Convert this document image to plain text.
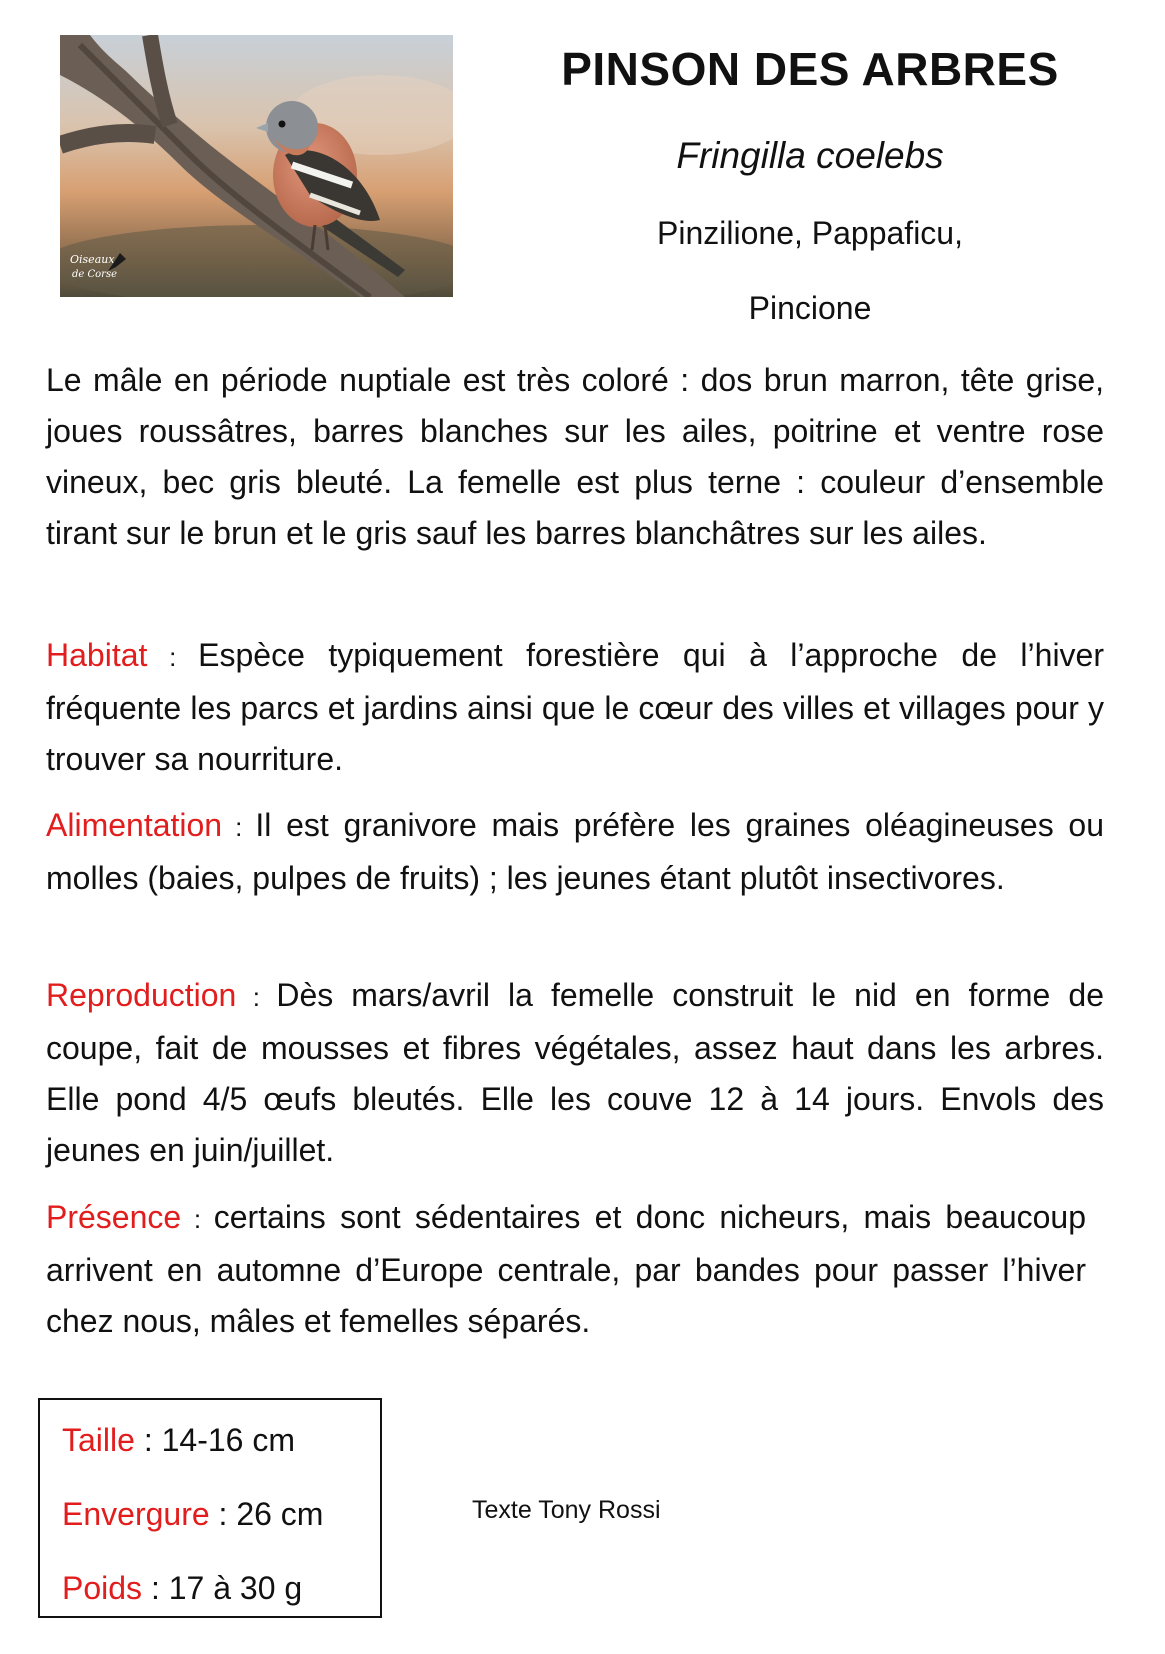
Oiseaux
de Corse
PINSON DES ARBRES
Fringilla coelebs
Pinzilione, Pappaficu,
Pincione

Le mâle en période nuptiale est très coloré : dos brun marron, tête grise, joues roussâtres, barres blanches sur les ailes, poitrine et ventre rose vineux, bec gris bleuté. La femelle est plus terne : couleur d’ensemble tirant sur le brun et le gris sauf les barres blanchâtres sur les ailes.

Habitat : Espèce typiquement forestière qui à l’approche de l’hiver fréquente les parcs et jardins ainsi que le cœur des villes et villages pour y trouver sa nourriture.

Alimentation : Il est granivore mais préfère les graines oléagineuses ou molles (baies, pulpes de fruits) ; les jeunes étant plutôt insectivores.

Reproduction : Dès mars/avril la femelle construit le nid en forme de coupe, fait de mousses et fibres végétales, assez haut dans les arbres. Elle pond 4/5 œufs bleutés. Elle les couve 12 à 14 jours. Envols des jeunes en juin/juillet.

Présence : certains sont sédentaires et donc nicheurs, mais beaucoup arrivent en automne d’Europe centrale, par bandes pour passer l’hiver chez nous, mâles et femelles séparés.

Taille : 14-16 cm

Envergure : 26 cm

Poids : 17 à 30 g

Texte Tony Rossi
